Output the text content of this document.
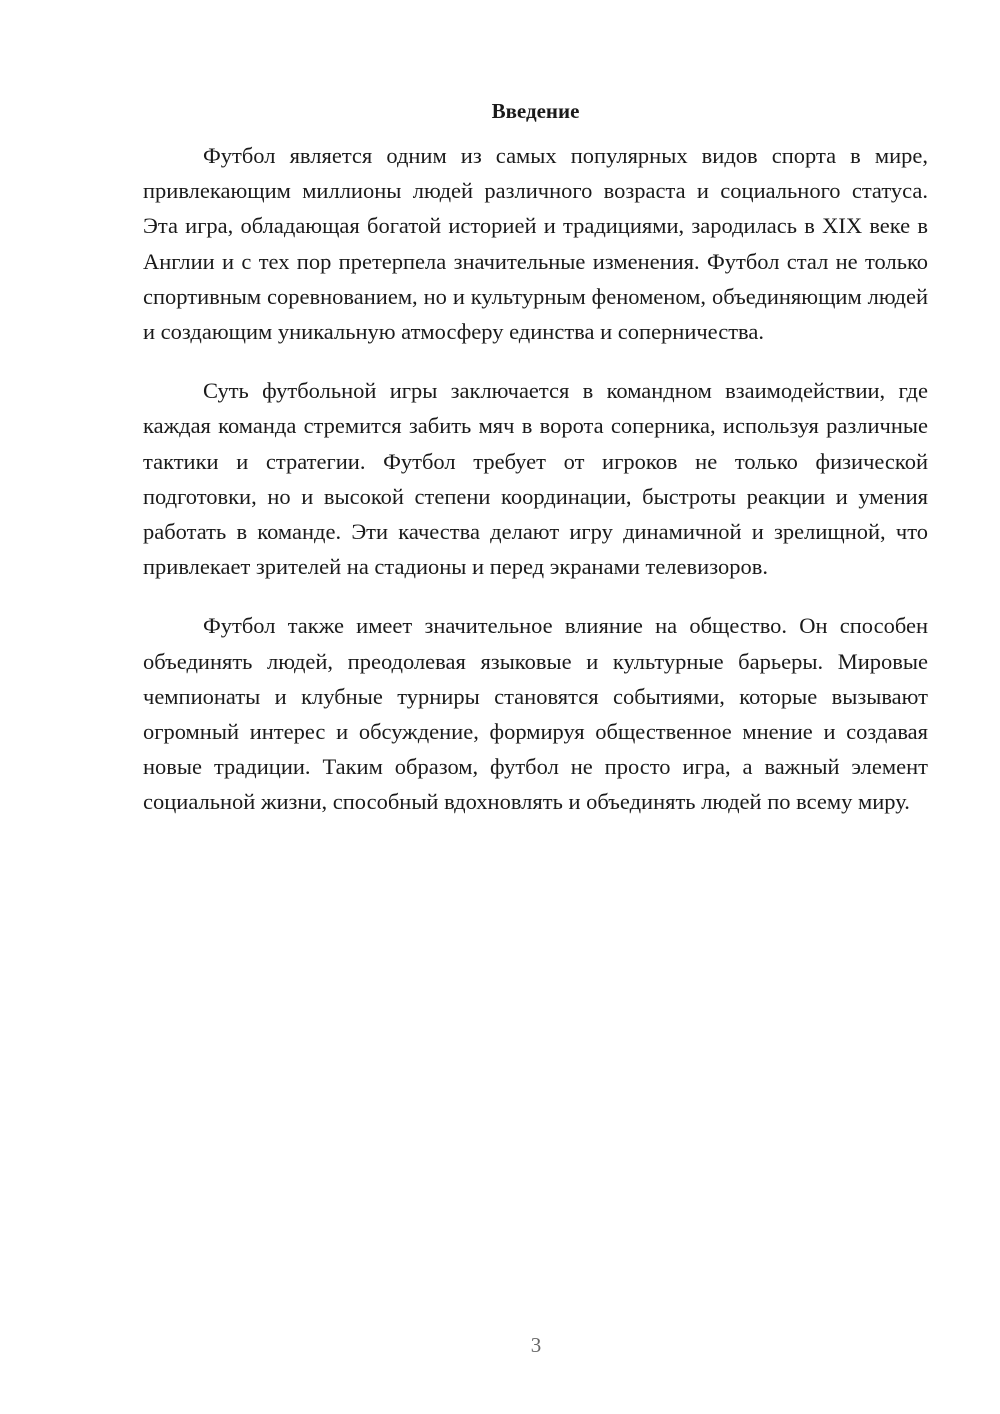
Введение

Футбол является одним из самых популярных видов спорта в мире, привлекающим миллионы людей различного возраста и социального статуса. Эта игра, обладающая богатой историей и традициями, зародилась в XIX веке в Англии и с тех пор претерпела значительные изменения. Футбол стал не только спортивным соревнованием, но и культурным феноменом, объединяющим людей и создающим уникальную атмосферу единства и соперничества.

Суть футбольной игры заключается в командном взаимодействии, где каждая команда стремится забить мяч в ворота соперника, используя различные тактики и стратегии. Футбол требует от игроков не только физической подготовки, но и высокой степени координации, быстроты реакции и умения работать в команде. Эти качества делают игру динамичной и зрелищной, что привлекает зрителей на стадионы и перед экранами телевизоров.

Футбол также имеет значительное влияние на общество. Он способен объединять людей, преодолевая языковые и культурные барьеры. Мировые чемпионаты и клубные турниры становятся событиями, которые вызывают огромный интерес и обсуждение, формируя общественное мнение и создавая новые традиции. Таким образом, футбол не просто игра, а важный элемент социальной жизни, способный вдохновлять и объединять людей по всему миру.

3
